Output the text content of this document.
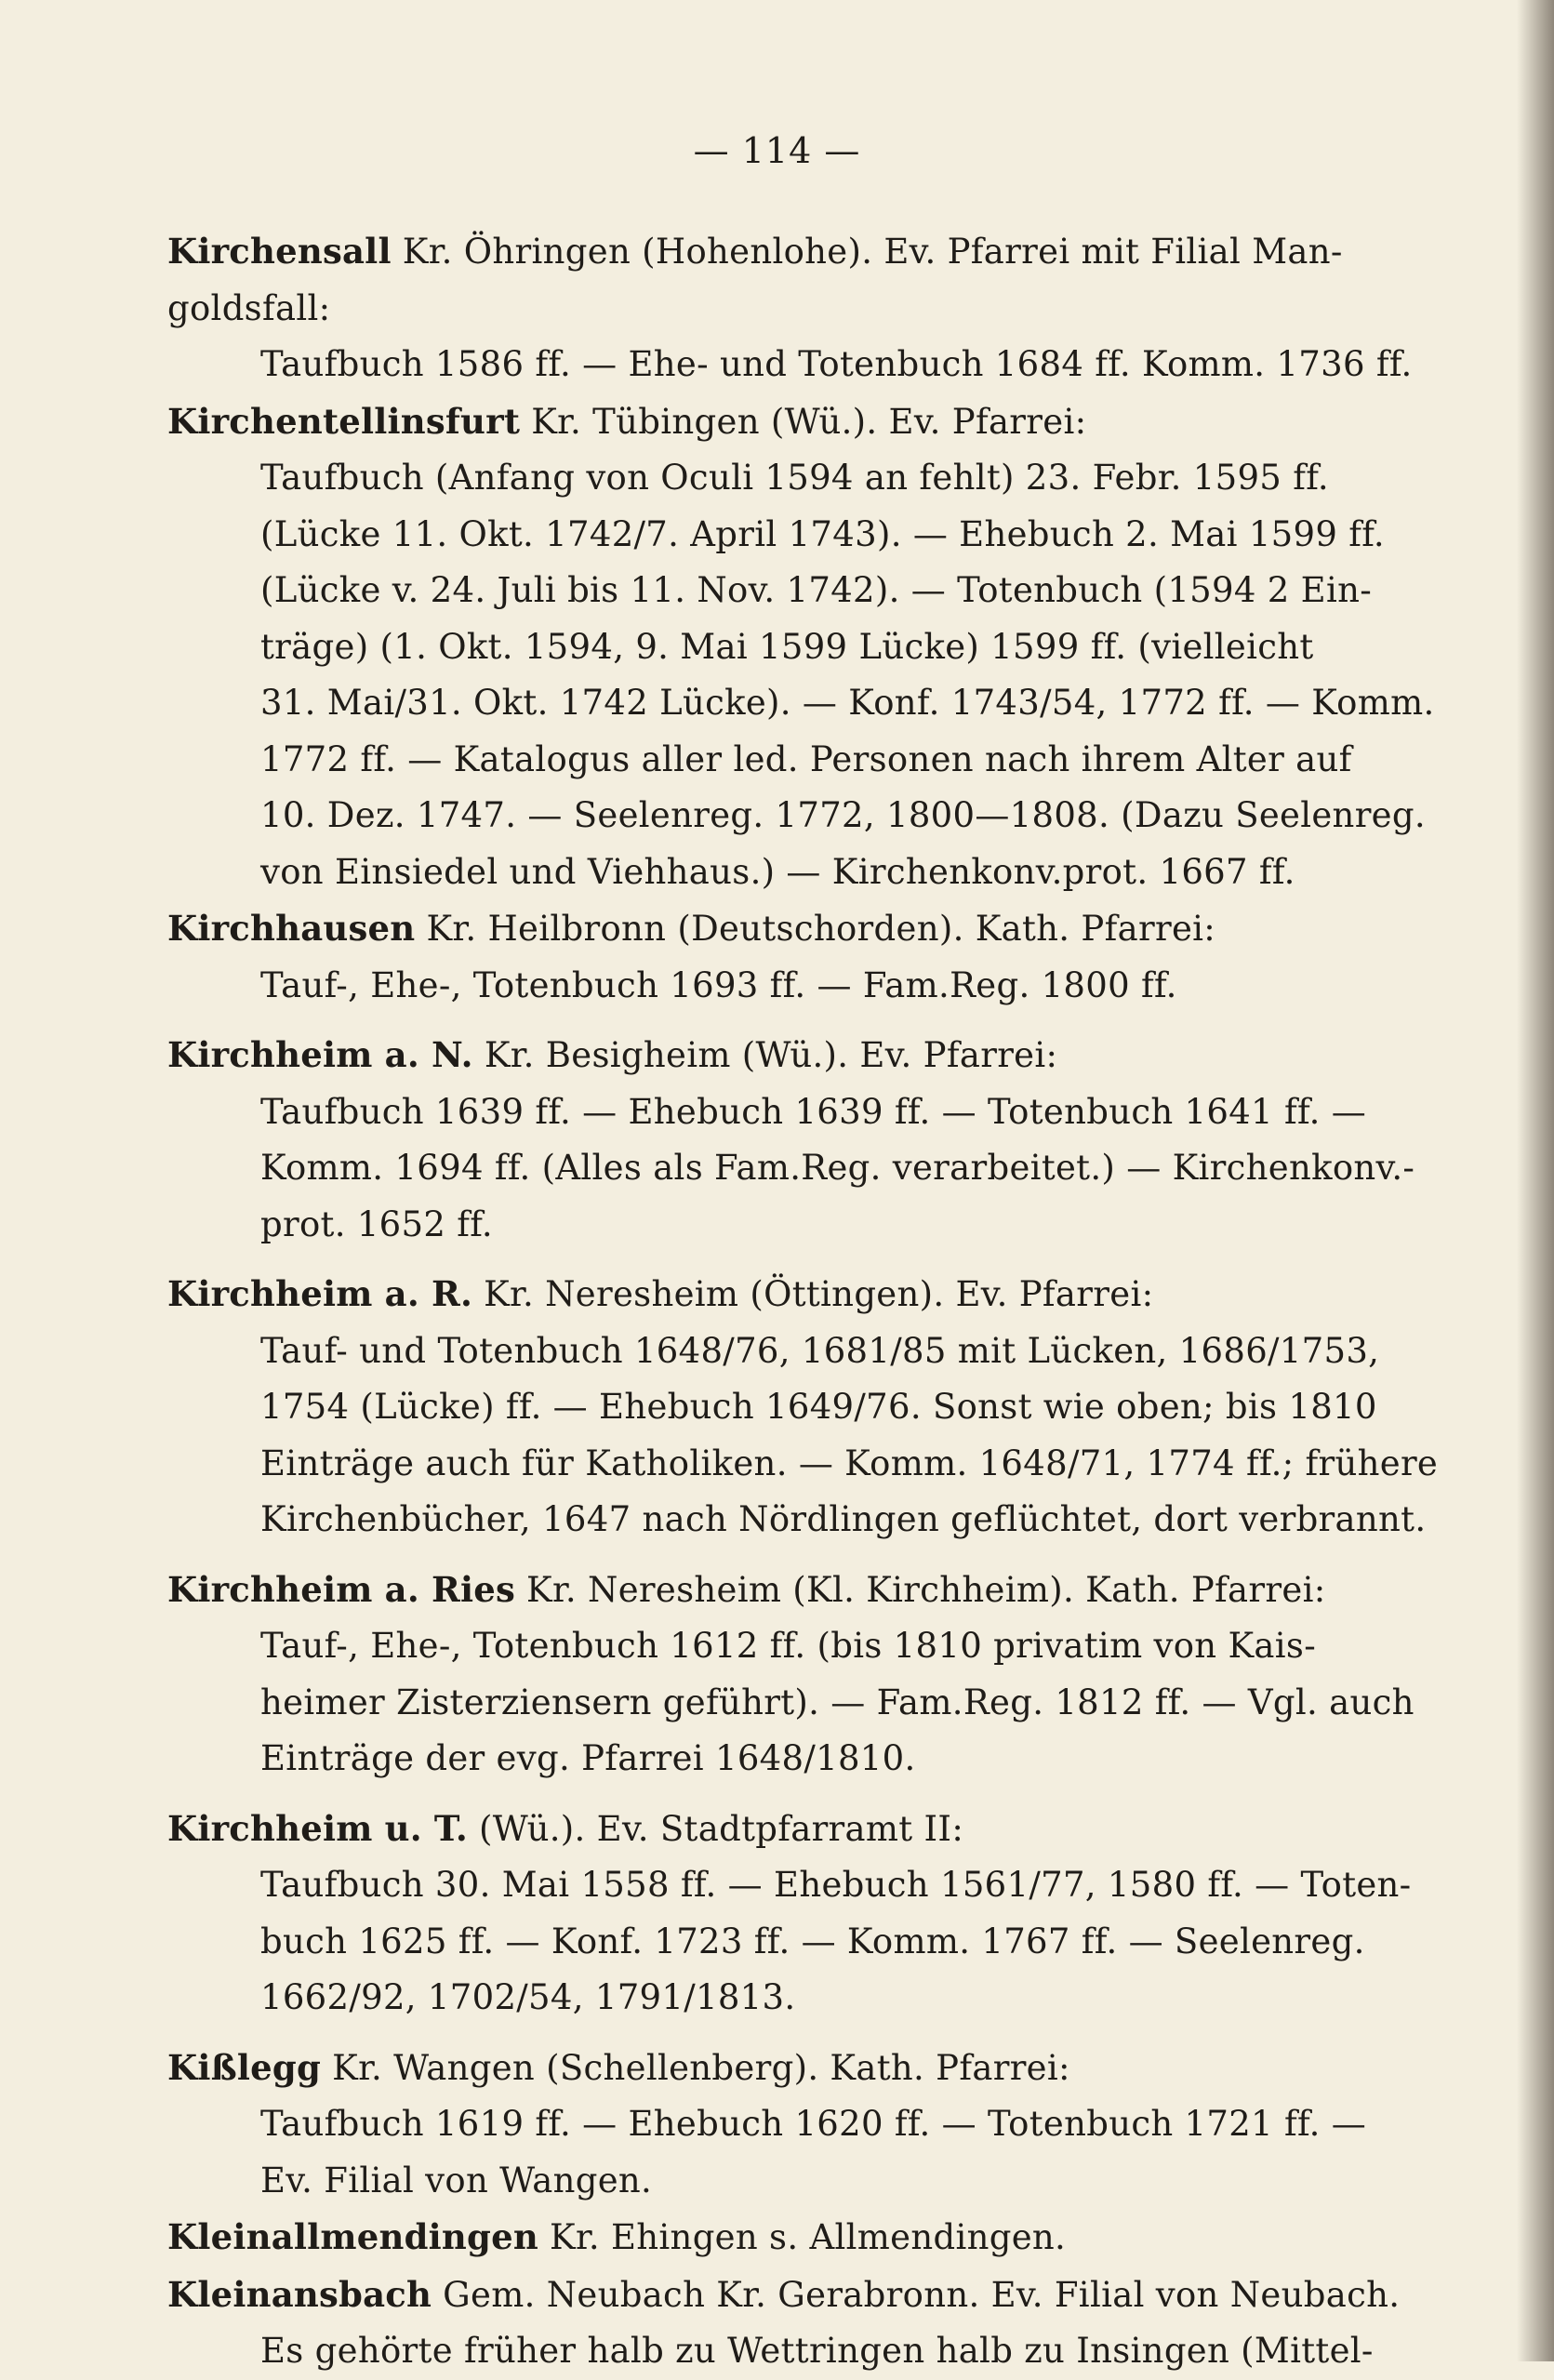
— 114 —
Kirchensall Kr. Öhringen (Hohenlohe). Ev. Pfarrei mit Filial Man-
goldsfall:
Taufbuch 1586 ff. — Ehe- und Totenbuch 1684 ff. Komm. 1736 ff.
Kirchentellinsfurt Kr. Tübingen (Wü.). Ev. Pfarrei:
Taufbuch (Anfang von Oculi 1594 an fehlt) 23. Febr. 1595 ff.
(Lücke 11. Okt. 1742/7. April 1743). — Ehebuch 2. Mai 1599 ff.
(Lücke v. 24. Juli bis 11. Nov. 1742). — Totenbuch (1594 2 Ein-
träge) (1. Okt. 1594, 9. Mai 1599 Lücke) 1599 ff. (vielleicht
31. Mai/31. Okt. 1742 Lücke). — Konf. 1743/54, 1772 ff. — Komm.
1772 ff. — Katalogus aller led. Personen nach ihrem Alter auf
10. Dez. 1747. — Seelenreg. 1772, 1800—1808. (Dazu Seelenreg.
von Einsiedel und Viehhaus.) — Kirchenkonv.prot. 1667 ff.
Kirchhausen Kr. Heilbronn (Deutschorden). Kath. Pfarrei:
Tauf-, Ehe-, Totenbuch 1693 ff. — Fam.Reg. 1800 ff.
Kirchheim a. N. Kr. Besigheim (Wü.). Ev. Pfarrei:
Taufbuch 1639 ff. — Ehebuch 1639 ff. — Totenbuch 1641 ff. —
Komm. 1694 ff. (Alles als Fam.Reg. verarbeitet.) — Kirchenkonv.-
prot. 1652 ff.
Kirchheim a. R. Kr. Neresheim (Öttingen). Ev. Pfarrei:
Tauf- und Totenbuch 1648/76, 1681/85 mit Lücken, 1686/1753,
1754 (Lücke) ff. — Ehebuch 1649/76. Sonst wie oben; bis 1810
Einträge auch für Katholiken. — Komm. 1648/71, 1774 ff.; frühere
Kirchenbücher, 1647 nach Nördlingen geflüchtet, dort verbrannt.
Kirchheim a. Ries Kr. Neresheim (Kl. Kirchheim). Kath. Pfarrei:
Tauf-, Ehe-, Totenbuch 1612 ff. (bis 1810 privatim von Kais-
heimer Zisterziensern geführt). — Fam.Reg. 1812 ff. — Vgl. auch
Einträge der evg. Pfarrei 1648/1810.
Kirchheim u. T. (Wü.). Ev. Stadtpfarramt II:
Taufbuch 30. Mai 1558 ff. — Ehebuch 1561/77, 1580 ff. — Toten-
buch 1625 ff. — Konf. 1723 ff. — Komm. 1767 ff. — Seelenreg.
1662/92, 1702/54, 1791/1813.
Kißlegg Kr. Wangen (Schellenberg). Kath. Pfarrei:
Taufbuch 1619 ff. — Ehebuch 1620 ff. — Totenbuch 1721 ff. —
Ev. Filial von Wangen.
Kleinallmendingen Kr. Ehingen s. Allmendingen.
Kleinansbach Gem. Neubach Kr. Gerabronn. Ev. Filial von Neubach.
Es gehörte früher halb zu Wettringen halb zu Insingen (Mittel-
